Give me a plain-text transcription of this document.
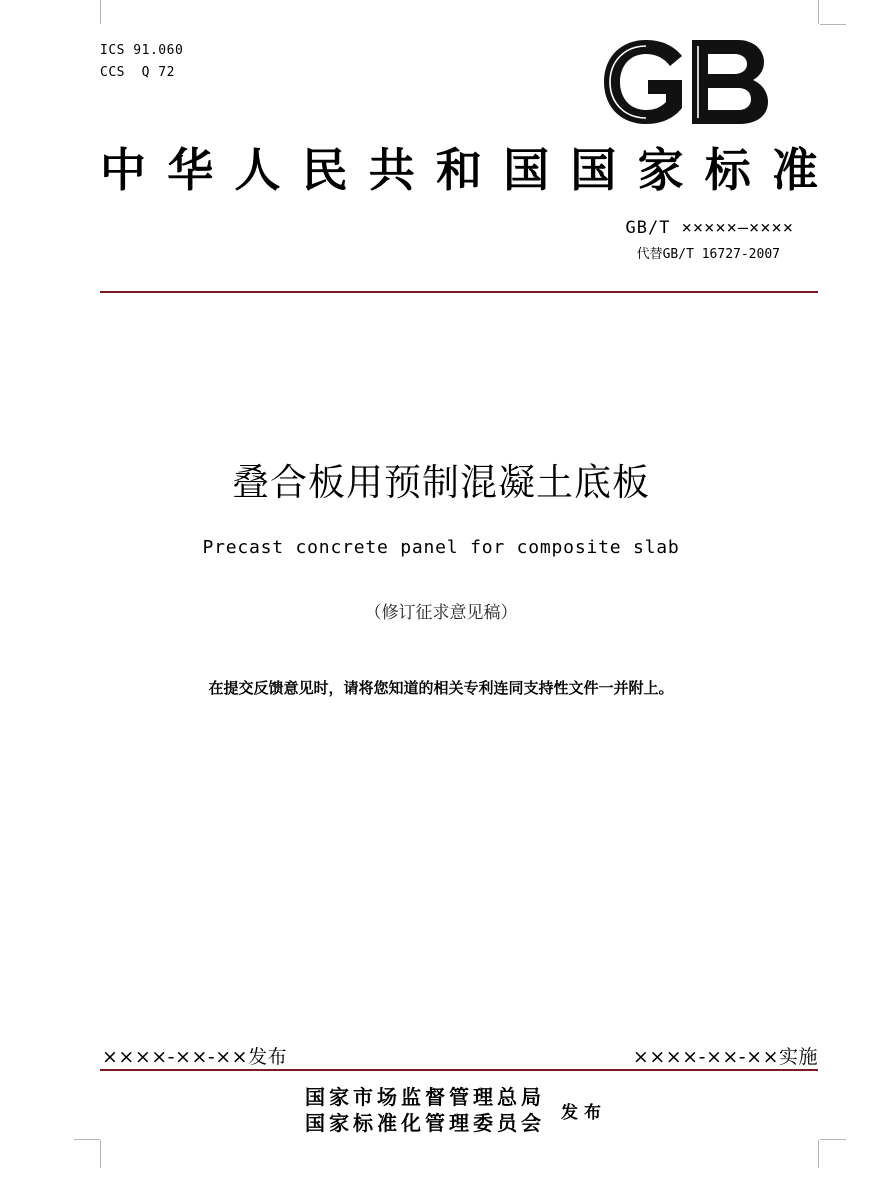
ICS 91.060
CCS  Q 72
中华人民共和国国家标准
GB/T ×××××—××××
代替GB/T 16727-2007
叠合板用预制混凝土底板
Precast concrete panel for composite slab
（修订征求意见稿）
在提交反馈意见时，请将您知道的相关专利连同支持性文件一并附上。
××××-××-××发布	××××-××-××实施
国家市场监督管理总局
国家标准化管理委员会 发布
